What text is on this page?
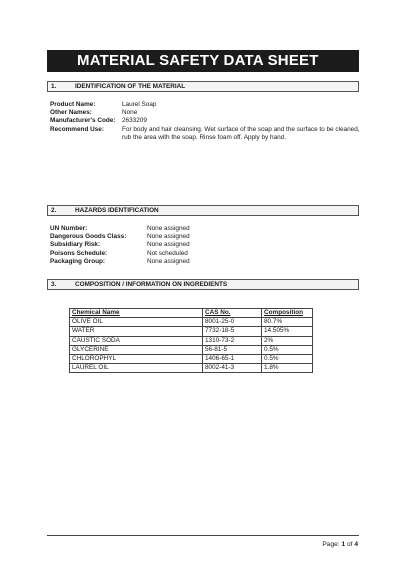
MATERIAL SAFETY DATA SHEET
1.	IDENTIFICATION OF THE MATERIAL
Product Name:	Laurel Soap
Other Names:	None
Manufacturer's Code: 2633209
Recommend Use:	For body and hair cleansing. Wet surface of the soap and the surface to be cleaned, rub the area with the soap. Rinse foam off. Apply by hand.
2.	HAZARDS IDENTIFICATION
UN Number:	None assigned
Dangerous Goods Class:	None assigned
Subsidiary Risk:	None assigned
Poisons Schedule:	Not scheduled
Packaging Group:	None assigned
3.	COMPOSITION / INFORMATION ON INGREDIENTS
Chemical Name	CAS No.	Composition
OLIVE OIL	8001-25-0	80.7%
WATER	7732-18-5	14.505%
CAUSTIC SODA	1310-73-2	2%
GLYCERINE	56-81-5	0.5%
CHLOROPHYL	1406-65-1	0.5%
LAUREL OIL	8002-41-3	1.8%
Page: 1 of 4
